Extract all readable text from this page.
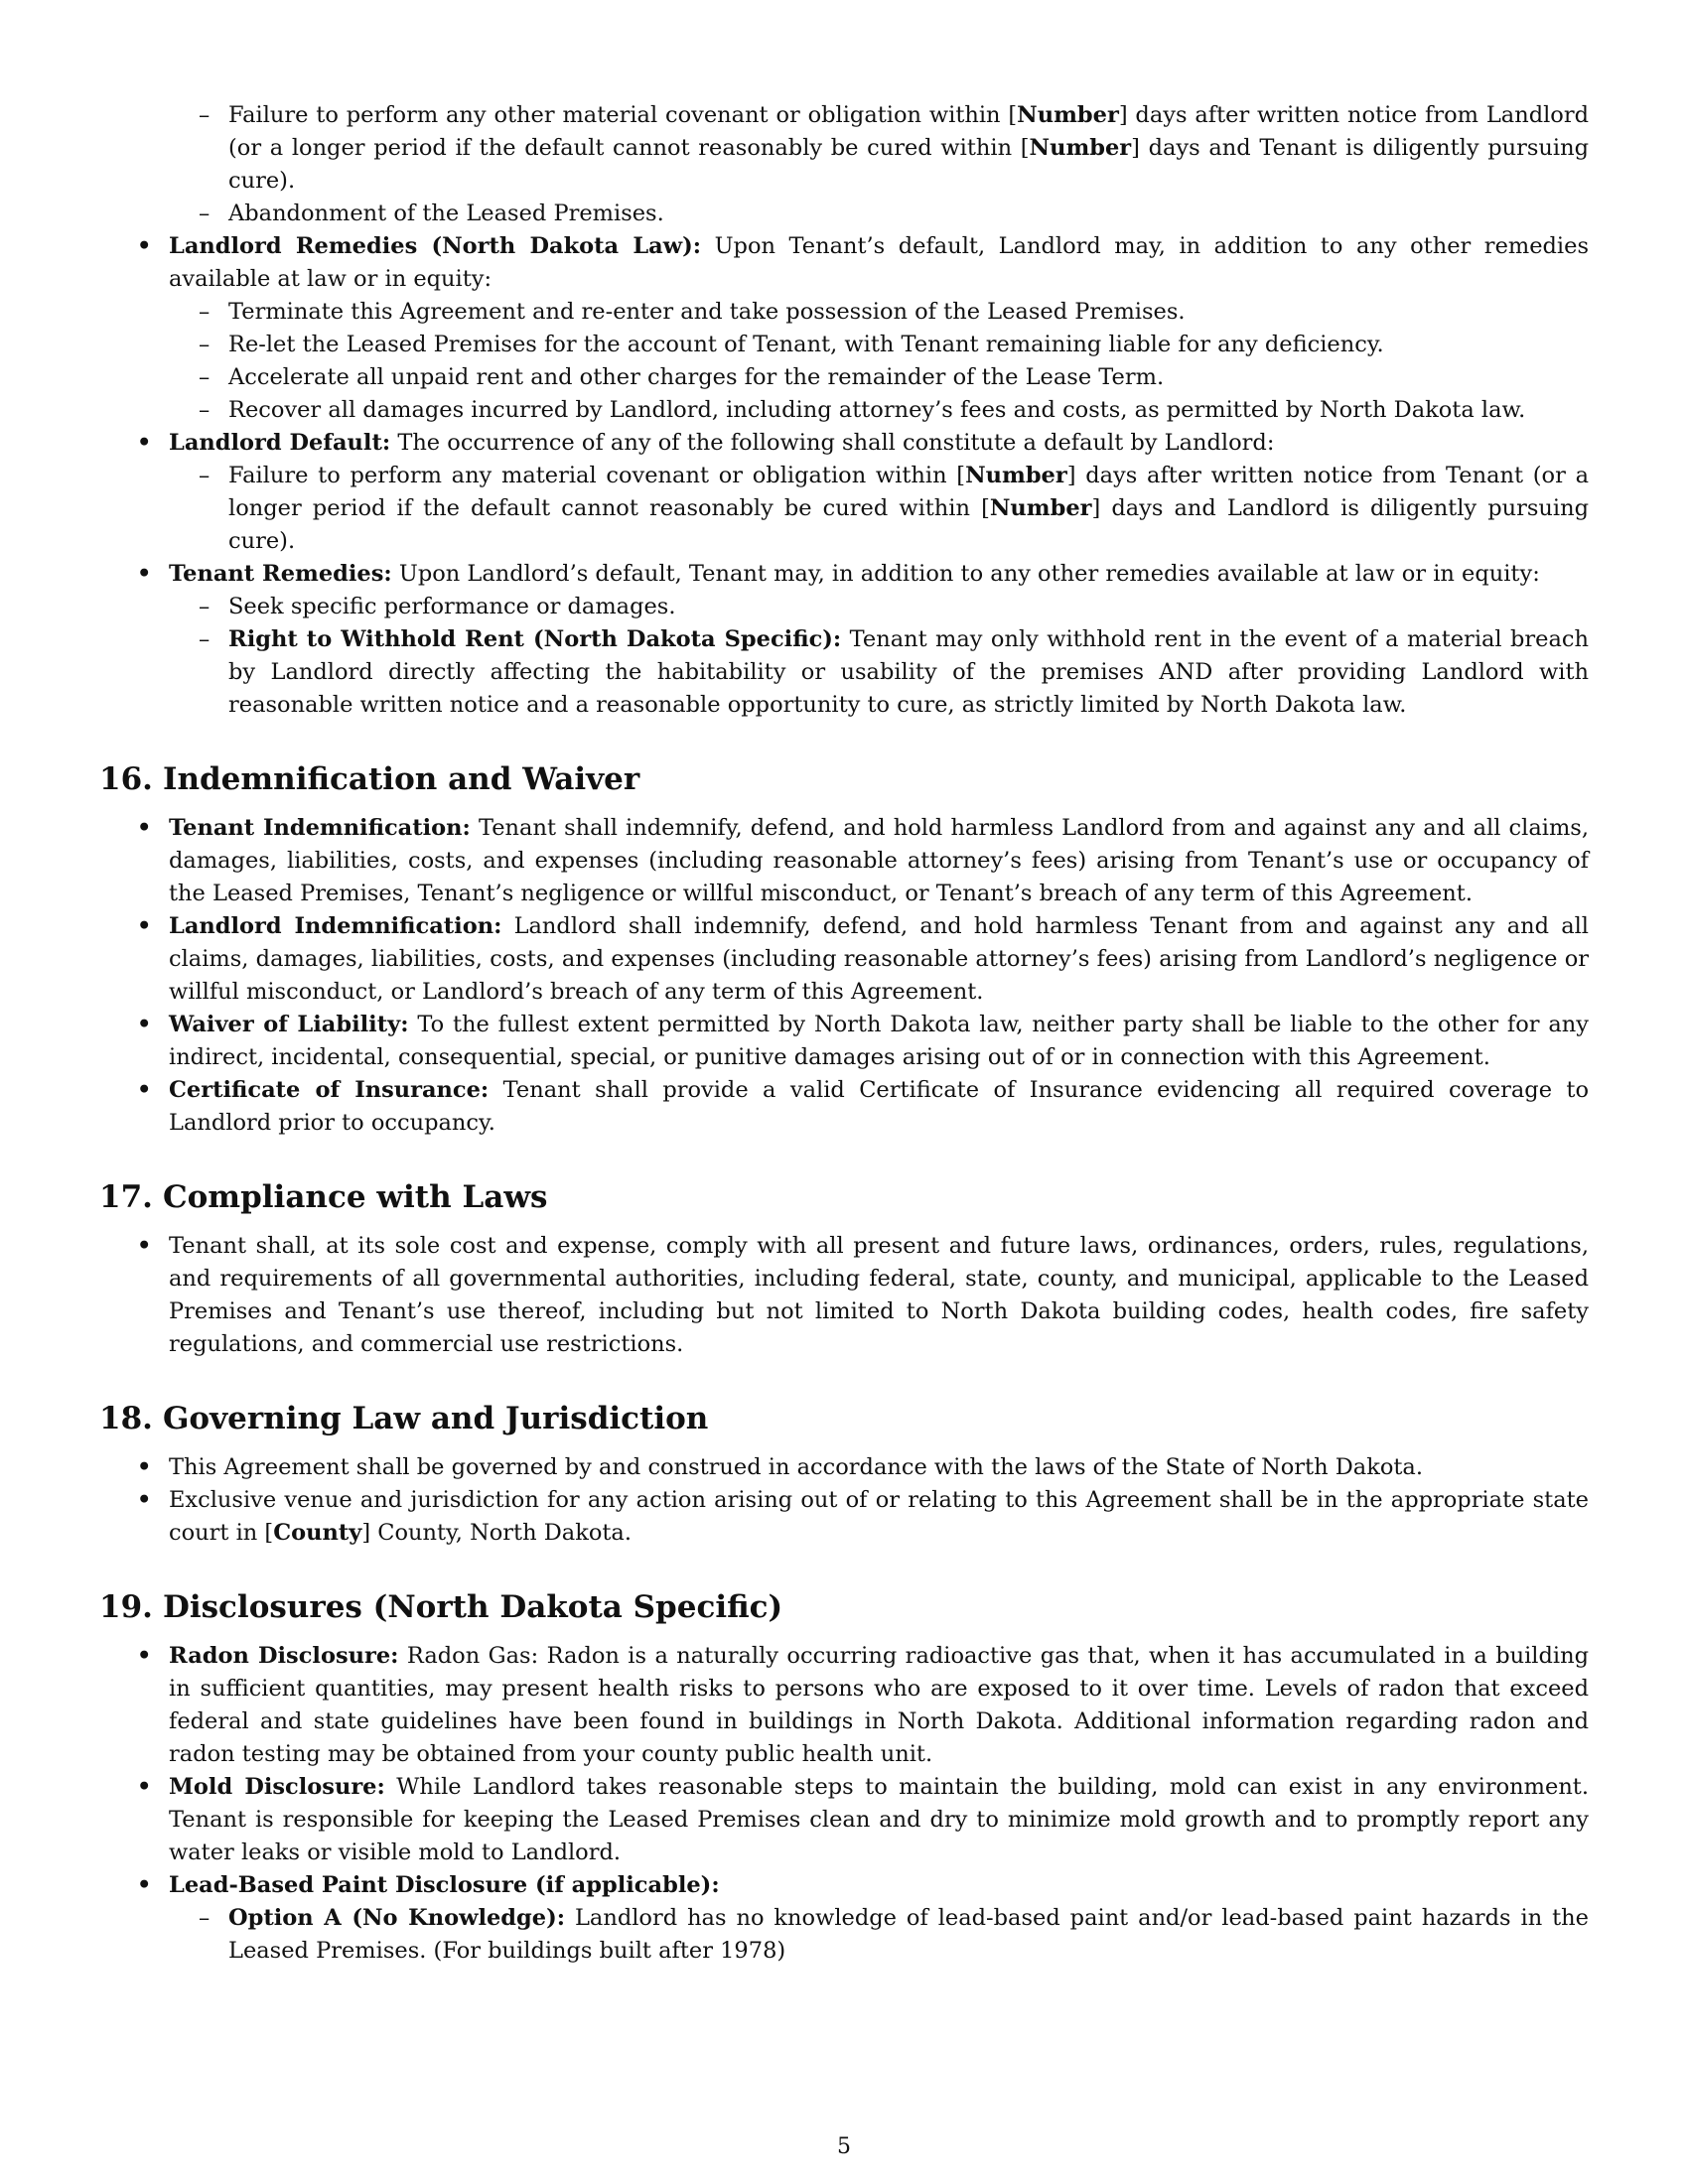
– Failure to perform any other material covenant or obligation within [Number] days after written notice from Landlord (or a longer period if the default cannot reasonably be cured within [Number] days and Tenant is diligently pursuing cure).
– Abandonment of the Leased Premises.
• Landlord Remedies (North Dakota Law): Upon Tenant’s default, Landlord may, in addition to any other remedies available at law or in equity:
– Terminate this Agreement and re-enter and take possession of the Leased Premises.
– Re-let the Leased Premises for the account of Tenant, with Tenant remaining liable for any deficiency.
– Accelerate all unpaid rent and other charges for the remainder of the Lease Term.
– Recover all damages incurred by Landlord, including attorney’s fees and costs, as permitted by North Dakota law.
• Landlord Default: The occurrence of any of the following shall constitute a default by Landlord:
– Failure to perform any material covenant or obligation within [Number] days after written notice from Tenant (or a longer period if the default cannot reasonably be cured within [Number] days and Landlord is diligently pursuing cure).
• Tenant Remedies: Upon Landlord’s default, Tenant may, in addition to any other remedies available at law or in equity:
– Seek specific performance or damages.
– Right to Withhold Rent (North Dakota Specific): Tenant may only withhold rent in the event of a material breach by Landlord directly affecting the habitability or usability of the premises AND after providing Landlord with reasonable written notice and a reasonable opportunity to cure, as strictly limited by North Dakota law.
16. Indemnification and Waiver
• Tenant Indemnification: Tenant shall indemnify, defend, and hold harmless Landlord from and against any and all claims, damages, liabilities, costs, and expenses (including reasonable attorney’s fees) arising from Tenant’s use or occupancy of the Leased Premises, Tenant’s negligence or willful misconduct, or Tenant’s breach of any term of this Agreement.
• Landlord Indemnification: Landlord shall indemnify, defend, and hold harmless Tenant from and against any and all claims, damages, liabilities, costs, and expenses (including reasonable attorney’s fees) arising from Landlord’s negligence or willful misconduct, or Landlord’s breach of any term of this Agreement.
• Waiver of Liability: To the fullest extent permitted by North Dakota law, neither party shall be liable to the other for any indirect, incidental, consequential, special, or punitive damages arising out of or in connection with this Agreement.
• Certificate of Insurance: Tenant shall provide a valid Certificate of Insurance evidencing all required coverage to Landlord prior to occupancy.
17. Compliance with Laws
• Tenant shall, at its sole cost and expense, comply with all present and future laws, ordinances, orders, rules, regulations, and requirements of all governmental authorities, including federal, state, county, and municipal, applicable to the Leased Premises and Tenant’s use thereof, including but not limited to North Dakota building codes, health codes, fire safety regulations, and commercial use restrictions.
18. Governing Law and Jurisdiction
• This Agreement shall be governed by and construed in accordance with the laws of the State of North Dakota.
• Exclusive venue and jurisdiction for any action arising out of or relating to this Agreement shall be in the appropriate state court in [County] County, North Dakota.
19. Disclosures (North Dakota Specific)
• Radon Disclosure: Radon Gas: Radon is a naturally occurring radioactive gas that, when it has accumulated in a building in sufficient quantities, may present health risks to persons who are exposed to it over time. Levels of radon that exceed federal and state guidelines have been found in buildings in North Dakota. Additional information regarding radon and radon testing may be obtained from your county public health unit.
• Mold Disclosure: While Landlord takes reasonable steps to maintain the building, mold can exist in any environment. Tenant is responsible for keeping the Leased Premises clean and dry to minimize mold growth and to promptly report any water leaks or visible mold to Landlord.
• Lead-Based Paint Disclosure (if applicable):
– Option A (No Knowledge): Landlord has no knowledge of lead-based paint and/or lead-based paint hazards in the Leased Premises. (For buildings built after 1978)
5
